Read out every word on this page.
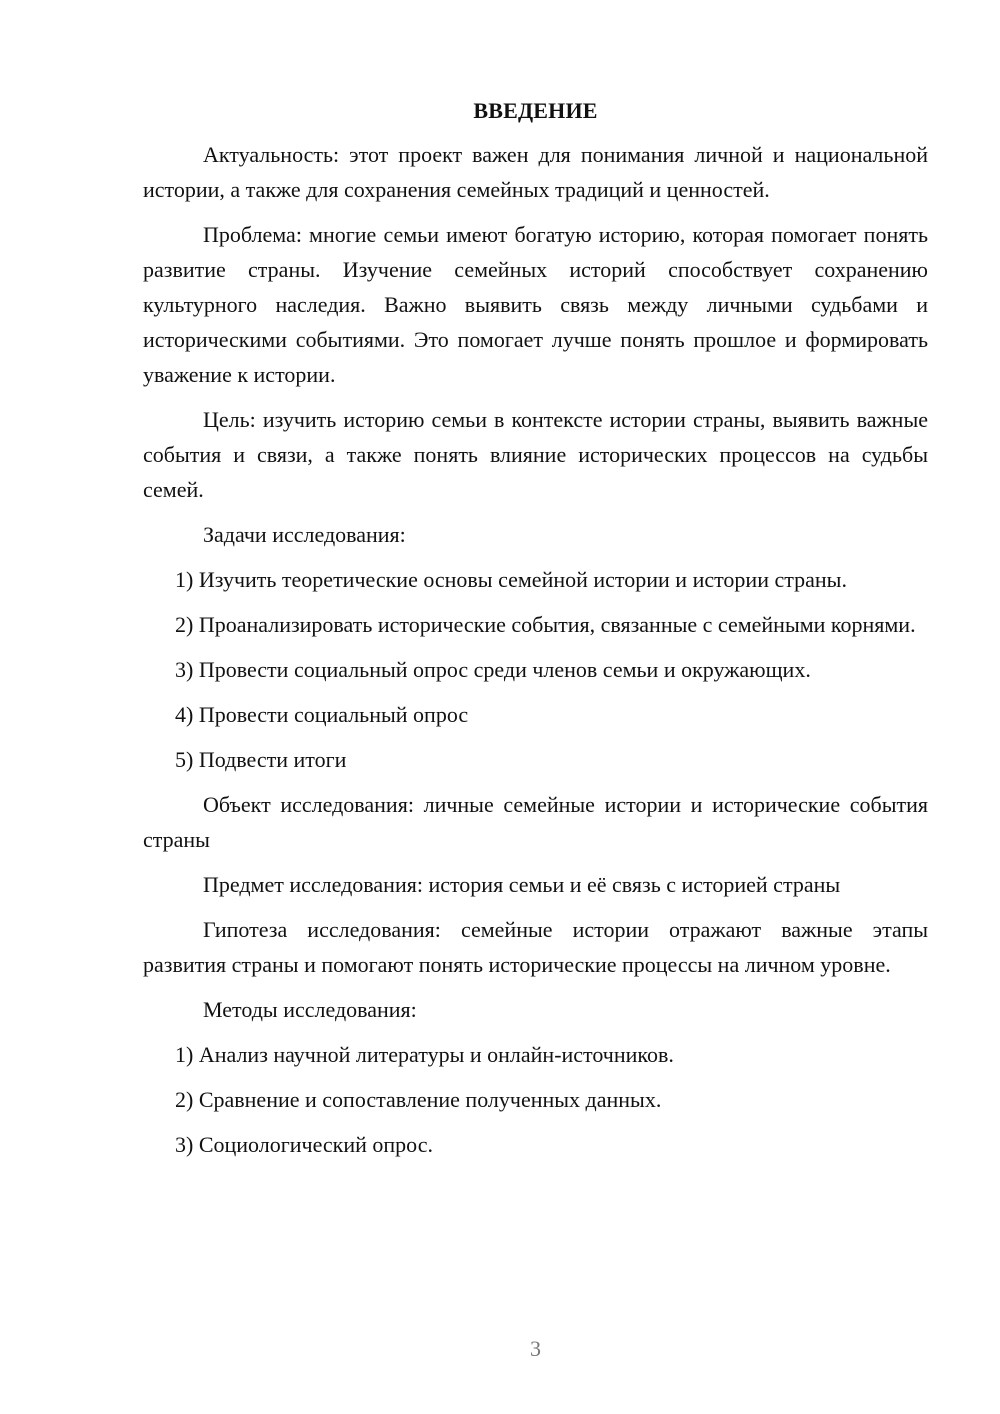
ВВЕДЕНИЕ

Актуальность: этот проект важен для понимания личной и национальной истории, а также для сохранения семейных традиций и ценностей.

Проблема: многие семьи имеют богатую историю, которая помогает понять развитие страны. Изучение семейных историй способствует сохранению культурного наследия. Важно выявить связь между личными судьбами и историческими событиями. Это помогает лучше понять прошлое и формировать уважение к истории.

Цель: изучить историю семьи в контексте истории страны, выявить важные события и связи, а также понять влияние исторических процессов на судьбы семей.

Задачи исследования:

1) Изучить теоретические основы семейной истории и истории страны.

2) Проанализировать исторические события, связанные с семейными корнями.

3) Провести социальный опрос среди членов семьи и окружающих.

4) Провести социальный опрос

5) Подвести итоги

Объект исследования: личные семейные истории и исторические события страны

Предмет исследования: история семьи и её связь с историей страны

Гипотеза исследования: семейные истории отражают важные этапы развития страны и помогают понять исторические процессы на личном уровне.

Методы исследования:

1) Анализ научной литературы и онлайн-источников.

2) Сравнение и сопоставление полученных данных.

3) Социологический опрос.

3
